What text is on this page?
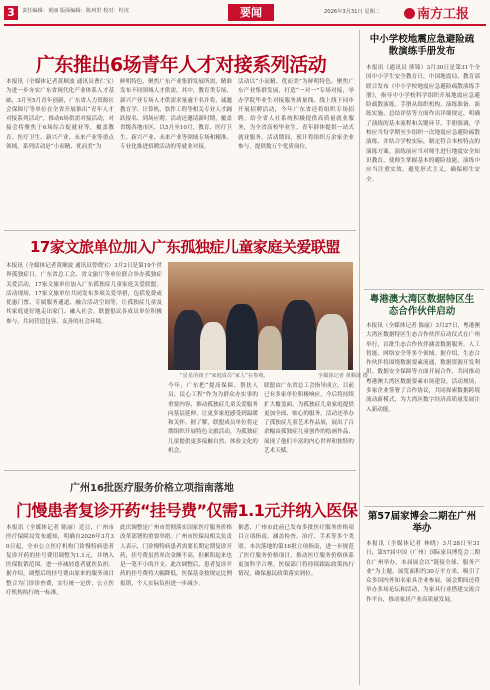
3	责任编辑：黄丽 版面编辑：陈珂里 校对：杜虎	要闻	2026年3月31日 星期二	南方工报
广东推出6场青年人才对接系列活动
本报讯（全媒体记者黄顺波 通讯员曹仁宝）为进一步夯实广东省现代化产业体系人才基础，3月至5月青年创新，广东省人力资源社会保障厅等单位在全省开展推出“青年人才对接系列活动”，推动6场供需对接活动，对接会将聚焦于6场综合促就业等，覆盖教育、医疗卫生、新兴产业、未来产业等重点领域。系列活动是“小而精、优而美”为
鲜明特色，聚焦广东产业集群发展所需，精准发布不同领域人才供需，其中，教育类专场、新兴产业专场人才供需求量逾千名并将，诚邀教育学、计算机、软件工程等相关专业人才踊跃报名、到场应聘。活动还邀请新时期，覆盖省级各地市区，以5月至10月，教育、医疗卫生、新兴产业、未来产业等领域专场和精准、专业化推进招聘活动的等就业对接。
活动以“小而精、优而美”为鲜明特色，聚焦广东产业集群发展，打造“一对一”专场对接，举办学院毕业生对接服务质量线、线上线下同步开展招聘活动，今年广东省还将组织专场招聘，给全省人社系统积极提供高质量就业服务，为全省高校毕业生、青年群体提供一站式就业服务。活动期间，预计将组织万余家企业参与，提供数万个优质岗位。
17家文旅单位加入广东孤独症儿童家庭关爱联盟
本报讯（全媒体记者黄顺波 通讯员曾晓宝）3月2日是第19个世界孤独症日，广东省总工会、省文旅厅等单位联合举办孤独症关爱活动，17家文旅单位加入广东孤独症儿童家庭关爱联盟。活动现场，17家文旅单位共同发布多项关爱举措，包括免费或优惠门票、专属服务通道、融合活动空间等，让孤独症儿童及其家庭更好地走出家门、融入社会。联盟倡议各成员单位积极参与，共同营造包容、友善的社会环境。
“星星的孩子”家庭成员“家人”在参观。	全媒体记者 黄顺波 摄
今年，广东把“提高保障、帮扶人员、民心工程”作为为群众办实事的重要内容，推动孤独症儿童关爱服务向基层延伸，让更多家庭感受到温暖和关怀。据了解，联盟成员单位将定期组织开展特色文旅活动，为孤独症儿童提供更多接触自然、体验文化的机会。
联盟由广东省总工会指导成立，目前已有多家单位积极响应，今后将持续扩大覆盖面，为孤独症儿童家庭提供更加全面、贴心的服务。活动还举办了孤独症儿童艺术作品展，展出了百余幅由孤独症儿童创作的绘画作品，展现了他们丰富的内心世界和独特的艺术天赋。
广州16批医疗服务价格立项指南落地
门慢患者复诊开药“挂号费”仅需1.1元并纳入医保
本报讯（全媒体记者 陈丽）近日，广州市医疗保障局发布通知，明确自2026年3月30日起，全市公立医疗机构门诊慢特病患者复诊开药的挂号费用调整为1.1元，并纳入医保报销范围，进一步减轻患者就医负担。据介绍，调整后的挂号费由原来的服务项目整合为门诊诊查费，实行统一定价，公立医疗机构执行统一标准。
此次调整是广州市贯彻落实国家医疗服务价格改革部署的重要举措。广州市医保局相关负责人表示，门诊慢特病患者需要长期定期复诊开药，挂号费虽然单次金额不高，但累积起来也是一笔不小的开支。此次调整后，患者复诊开药的挂号费将大幅降低，医保基金按规定比例报销，个人实际负担进一步减少。
据悉，广州市此前已发布多批医疗服务价格项目立项指南，涵盖检查、治疗、手术等多个类别。本次落地的第16批立项指南，进一步规范了医疗服务价格项目，推动医疗服务价格体系更加科学合理。医保部门将持续跟踪政策执行情况，确保惠民政策落实到位。
中小学校地震应急避险疏散演练手册发布
本报讯（通讯员 熊锦）3月30日是第31个全国中小学生安全教育日，中国地震局、教育部联合发布《中小学校地震应急避险疏散演练手册》，指导中小学校科学组织开展地震应急避险疏散演练。手册从组织机构、演练准备、演练实施、总结评估等方面作出详细规定，明确了演练的基本流程和关键环节。手册强调，学校应当每学期至少组织一次地震应急避险疏散演练，并结合学校实际，制定符合本校特点的演练方案。演练前应当对师生进行地震安全知识教育，使师生掌握基本的避险技能。演练中应当注重实效，避免形式主义，确保师生安全。
粤港澳大湾区数据特区生态合作伙伴启动
本报讯（全媒体记者 陈丽）3月27日，粤港澳大湾区数据特区生态合作伙伴启动仪式在广州举行，首批生态合作伙伴涵盖数据服务、人工智能、网络安全等多个领域。据介绍，生态合作伙伴将围绕数据要素流通、数据资源开发利用、数据安全保障等方面开展合作，共同推动粤港澳大湾区数据要素市场建设。活动现场，多家企业签署了合作协议，共同探索数据跨境流动新模式，为大湾区数字经济高质量发展注入新动能。
第57届家博会二期在广州举办
本报讯（全媒体记者 林晓）3月28日至31日，第57届中国（广州）国际家具博览会二期在广州举办。本届展会以“链接全球、服务产业”为主题，展览面积约30万平方米，吸引了众多国内外知名家具企业参展。展会期间还将举办多场论坛和活动，为家具行业搭建交流合作平台，推动家居产业高质量发展。
